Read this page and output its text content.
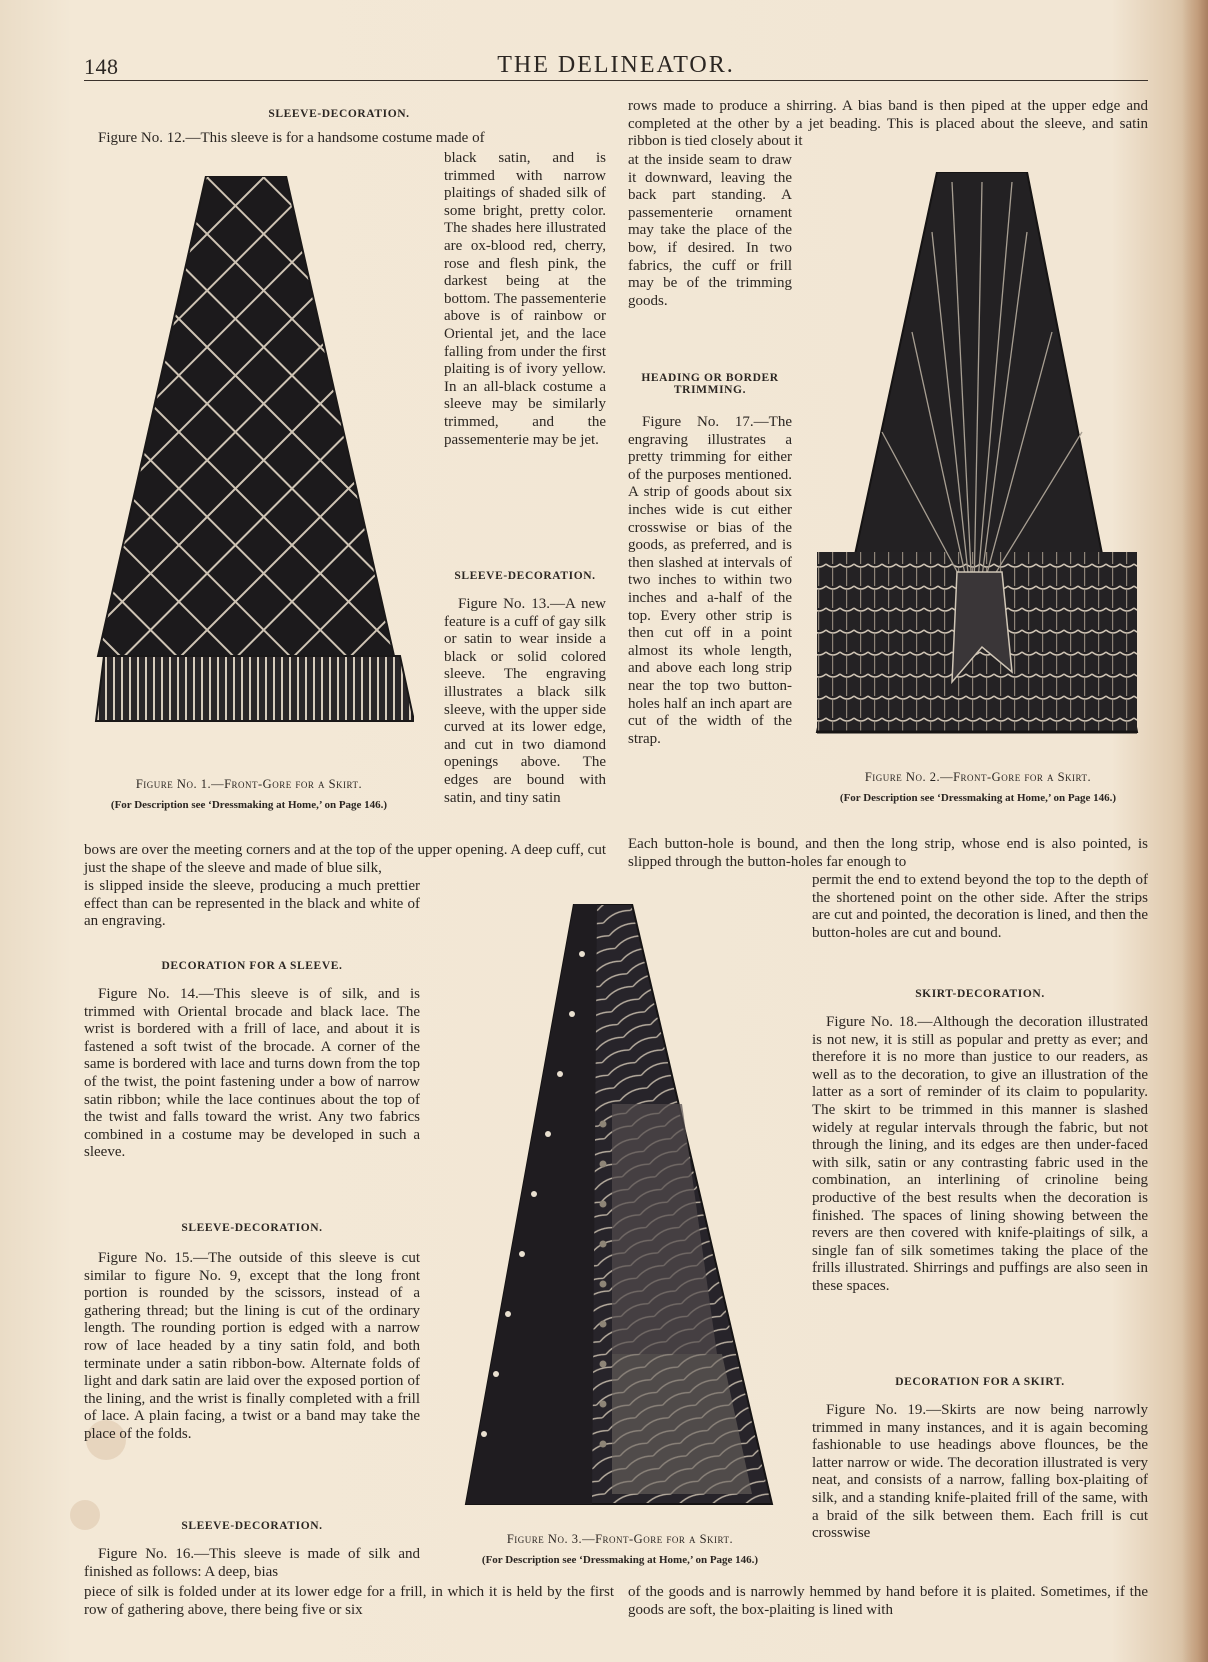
148	THE DELINEATOR.
SLEEVE-DECORATION.
Figure No. 12.—This sleeve is for a handsome costume made of
black satin, and is trimmed with narrow plaitings of shaded silk of some bright, pretty color. The shades here illustrated are ox-blood red, cherry, rose and flesh pink, the darkest being at the bottom. The passementerie above is of rainbow or Oriental jet, and the lace falling from under the first plaiting is of ivory yellow. In an all-black costume a sleeve may be similarly trimmed, and the passementerie may be jet.
Figure No. 1.—Front-Gore for a Skirt.
(For Description see ‘Dressmaking at Home,’ on Page 146.)
SLEEVE-DECORATION.
Figure No. 13.—A new feature is a cuff of gay silk or satin to wear inside a black or solid colored sleeve. The engraving illustrates a black silk sleeve, with the upper side curved at its lower edge, and cut in two diamond openings above. The edges are bound with satin, and tiny satin
bows are over the meeting corners and at the top of the upper opening. A deep cuff, cut just the shape of the sleeve and made of blue silk,
is slipped inside the sleeve, producing a much prettier effect than can be represented in the black and white of an engraving.
rows made to produce a shirring. A bias band is then piped at the upper edge and completed at the other by a jet beading. This is placed about the sleeve, and satin ribbon is tied closely about it
at the inside seam to draw it downward, leaving the back part standing. A passementerie ornament may take the place of the bow, if desired. In two fabrics, the cuff or frill may be of the trimming goods.
HEADING OR BORDER TRIMMING.
Figure No. 17.—The engraving illustrates a pretty trimming for either of the purposes mentioned. A strip of goods about six inches wide is cut either crosswise or bias of the goods, as preferred, and is then slashed at intervals of two inches to within two inches and a-half of the top. Every other strip is then cut off in a point almost its whole length, and above each long strip near the top two button-holes half an inch apart are cut of the width of the strap.
Each button-hole is bound, and then the long strip, whose end is also pointed, is slipped through the button-holes far enough to
permit the end to extend beyond the top to the depth of the shortened point on the other side. After the strips are cut and pointed, the decoration is lined, and then the button-holes are cut and bound.
Figure No. 2.—Front-Gore for a Skirt.
(For Description see ‘Dressmaking at Home,’ on Page 146.)
DECORATION FOR A SLEEVE.
Figure No. 14.—This sleeve is of silk, and is trimmed with Oriental brocade and black lace. The wrist is bordered with a frill of lace, and about it is fastened a soft twist of the brocade. A corner of the same is bordered with lace and turns down from the top of the twist, the point fastening under a bow of narrow satin ribbon; while the lace continues about the top of the twist and falls toward the wrist. Any two fabrics combined in a costume may be developed in such a sleeve.
SLEEVE-DECORATION.
Figure No. 15.—The outside of this sleeve is cut similar to figure No. 9, except that the long front portion is rounded by the scissors, instead of a gathering thread; but the lining is cut of the ordinary length. The rounding portion is edged with a narrow row of lace headed by a tiny satin fold, and both terminate under a satin ribbon-bow. Alternate folds of light and dark satin are laid over the exposed portion of the lining, and the wrist is finally completed with a frill of lace. A plain facing, a twist or a band may take the place of the folds.
SLEEVE-DECORATION.
Figure No. 16.—This sleeve is made of silk and finished as follows: A deep, bias
piece of silk is folded under at its lower edge for a frill, in which it is held by the first row of gathering above, there being five or six
Figure No. 3.—Front-Gore for a Skirt.
(For Description see ‘Dressmaking at Home,’ on Page 146.)
SKIRT-DECORATION.
Figure No. 18.—Although the decoration illustrated is not new, it is still as popular and pretty as ever; and therefore it is no more than justice to our readers, as well as to the decoration, to give an illustration of the latter as a sort of reminder of its claim to popularity. The skirt to be trimmed in this manner is slashed widely at regular intervals through the fabric, but not through the lining, and its edges are then under-faced with silk, satin or any contrasting fabric used in the combination, an interlining of crinoline being productive of the best results when the decoration is finished. The spaces of lining showing between the revers are then covered with knife-plaitings of silk, a single fan of silk sometimes taking the place of the frills illustrated. Shirrings and puffings are also seen in these spaces.
DECORATION FOR A SKIRT.
Figure No. 19.—Skirts are now being narrowly trimmed in many instances, and it is again becoming fashionable to use headings above flounces, be the latter narrow or wide. The decoration illustrated is very neat, and consists of a narrow, falling box-plaiting of silk, and a standing knife-plaited frill of the same, with a braid of the silk between them. Each frill is cut crosswise
of the goods and is narrowly hemmed by hand before it is plaited. Sometimes, if the goods are soft, the box-plaiting is lined with
